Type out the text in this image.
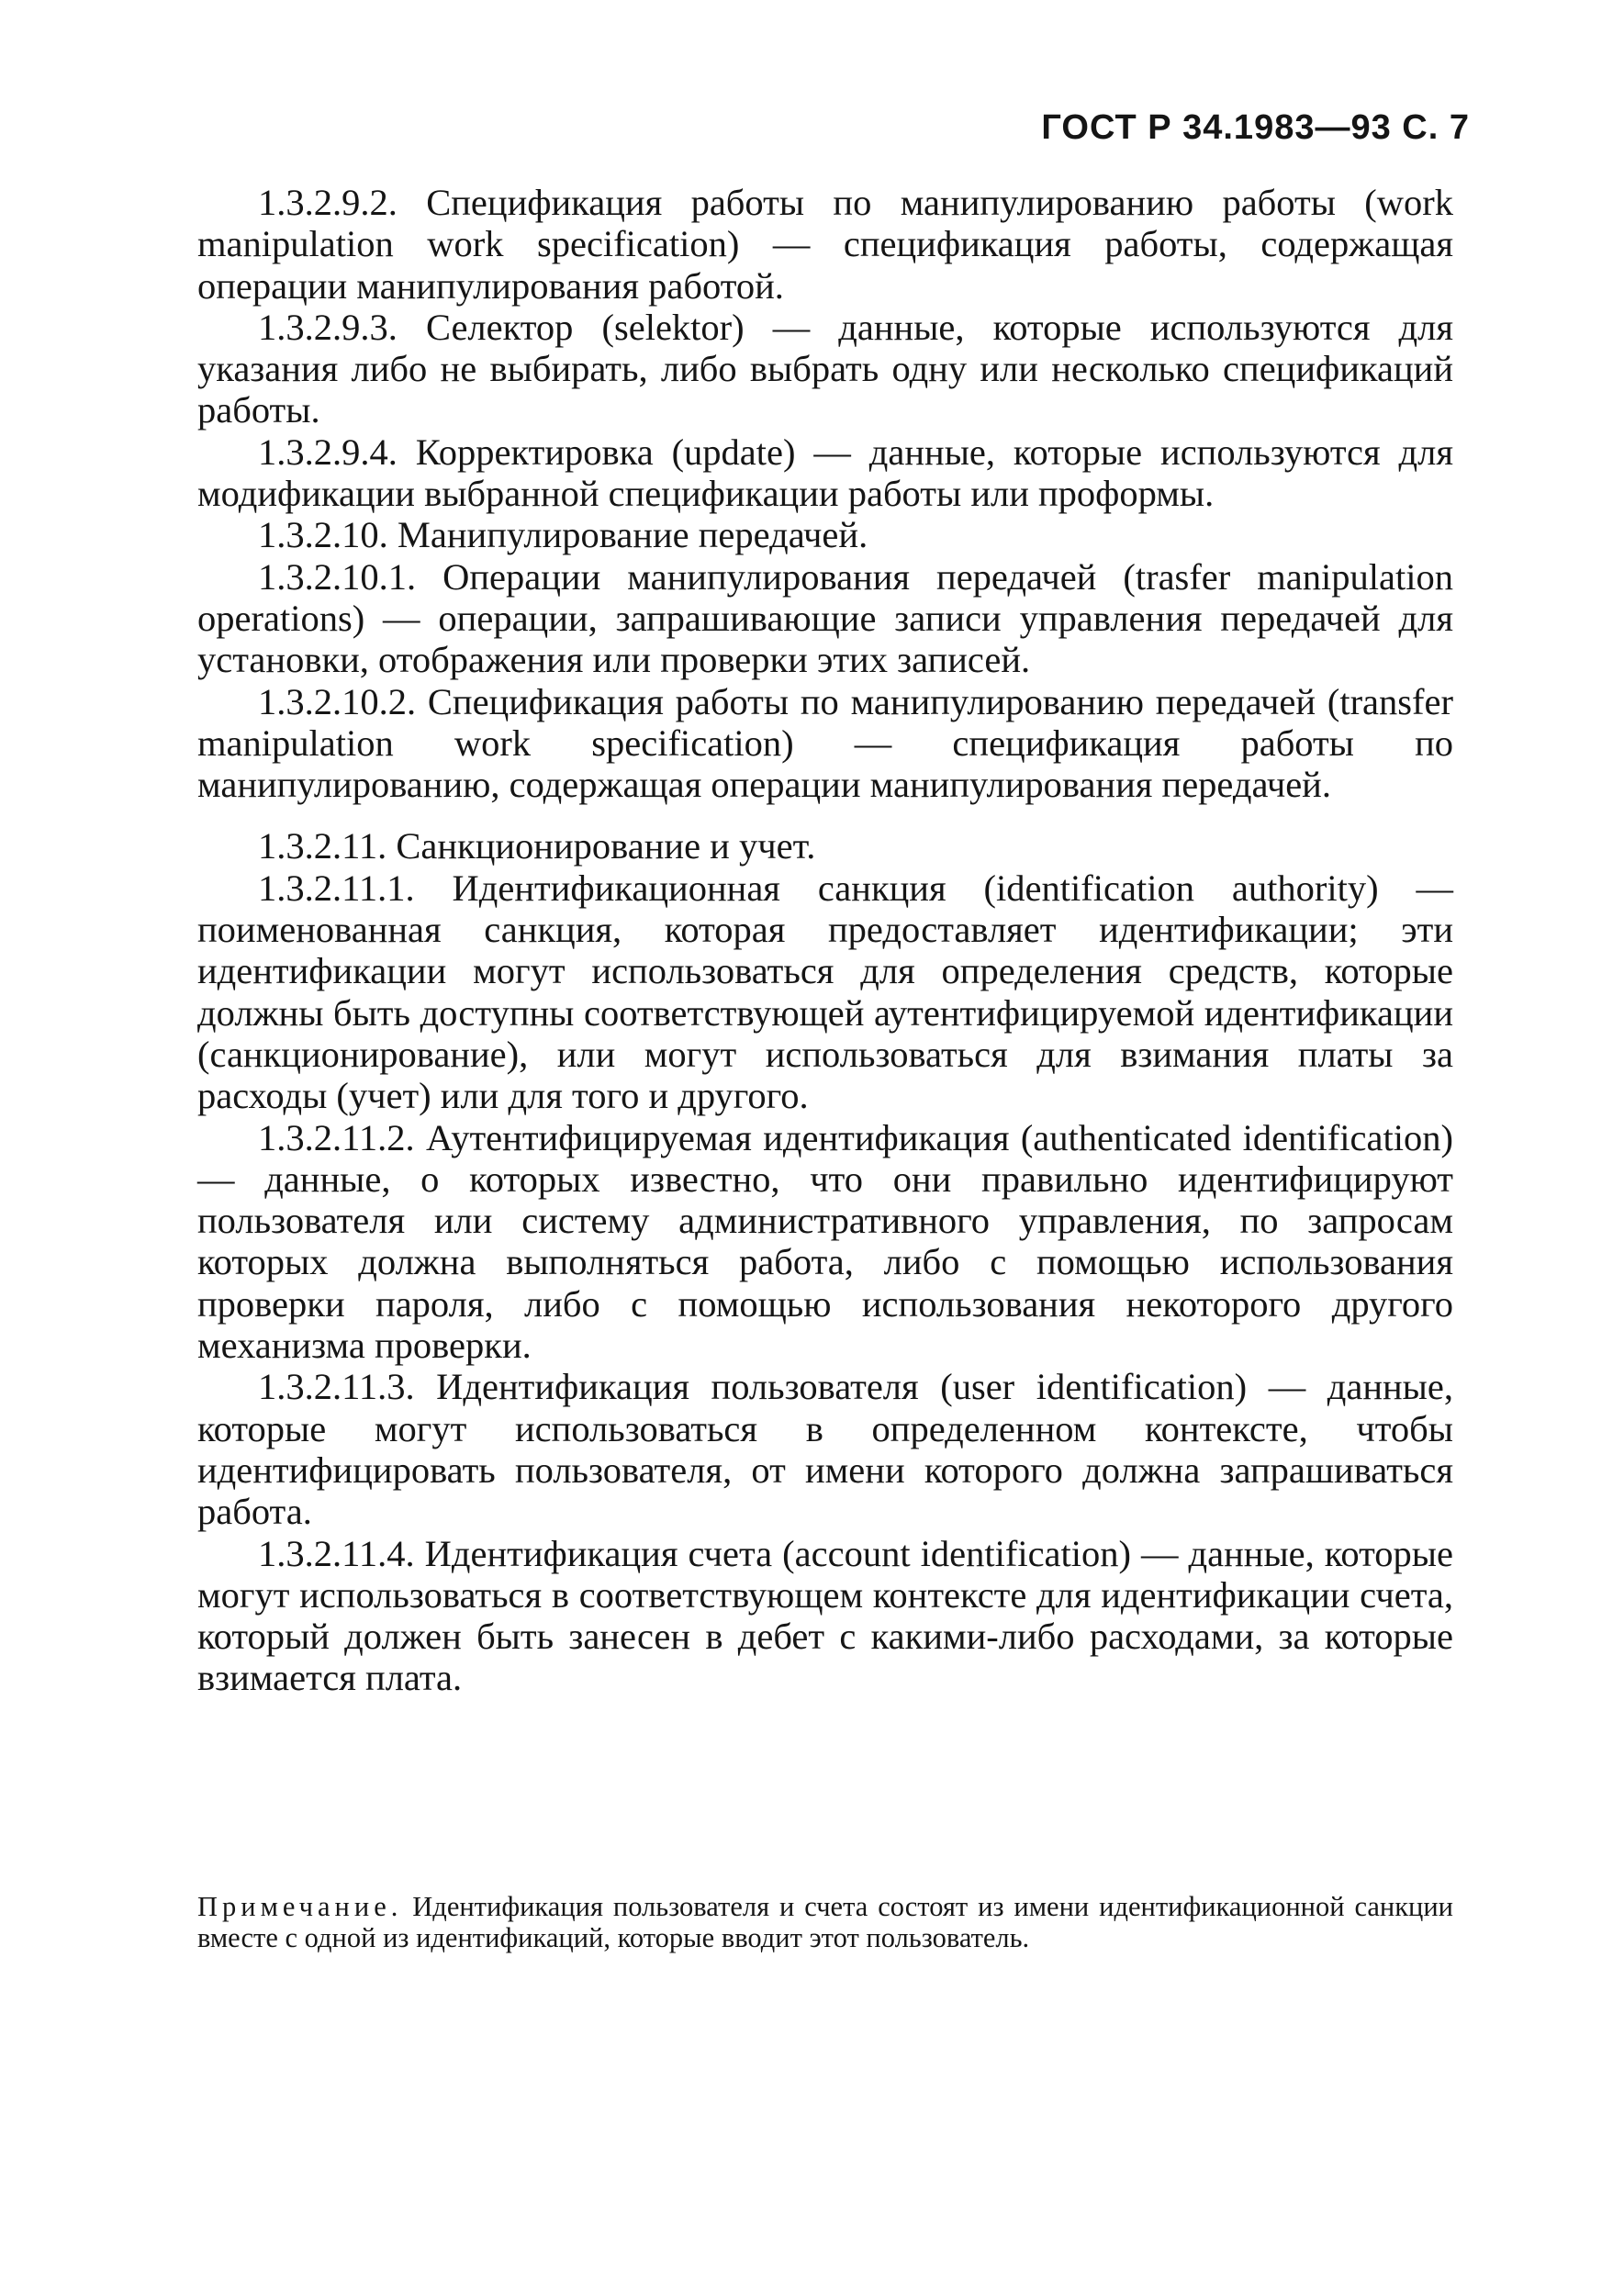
ГОСТ Р 34.1983—93 С. 7

1.3.2.9.2. Спецификация работы по манипулированию работы (work manipulation work specification) — спецификация работы, содержащая операции манипулирования работой.

1.3.2.9.3. Селектор (selektor) — данные, которые используются для указания либо не выбирать, либо выбрать одну или несколько спецификаций работы.

1.3.2.9.4. Корректировка (update) — данные, которые используются для модификации выбранной спецификации работы или проформы.

1.3.2.10. Манипулирование передачей.

1.3.2.10.1. Операции манипулирования передачей (trasfer manipulation operations) — операции, запрашивающие записи управления передачей для установки, отображения или проверки этих записей.

1.3.2.10.2. Спецификация работы по манипулированию передачей (transfer manipulation work specification) — спецификация работы по манипулированию, содержащая операции манипулирования передачей.

1.3.2.11. Санкционирование и учет.

1.3.2.11.1. Идентификационная санкция (identification authority) — поименованная санкция, которая предоставляет идентификации; эти идентификации могут использоваться для определения средств, которые должны быть доступны соответствующей аутентифицируемой идентификации (санкционирование), или могут использоваться для взимания платы за расходы (учет) или для того и другого.

1.3.2.11.2. Аутентифицируемая идентификация (authenticated identification) — данные, о которых известно, что они правильно идентифицируют пользователя или систему административного управления, по запросам которых должна выполняться работа, либо с помощью использования проверки пароля, либо с помощью использования некоторого другого механизма проверки.

1.3.2.11.3. Идентификация пользователя (user identification) — данные, которые могут использоваться в определенном контексте, чтобы идентифицировать пользователя, от имени которого должна запрашиваться работа.

1.3.2.11.4. Идентификация счета (account identification) — данные, которые могут использоваться в соответствующем контексте для идентификации счета, который должен быть занесен в дебет с какими-либо расходами, за которые взимается плата.

Примечание. Идентификация пользователя и счета состоят из имени идентификационной санкции вместе с одной из идентификаций, которые вводит этот пользователь.
